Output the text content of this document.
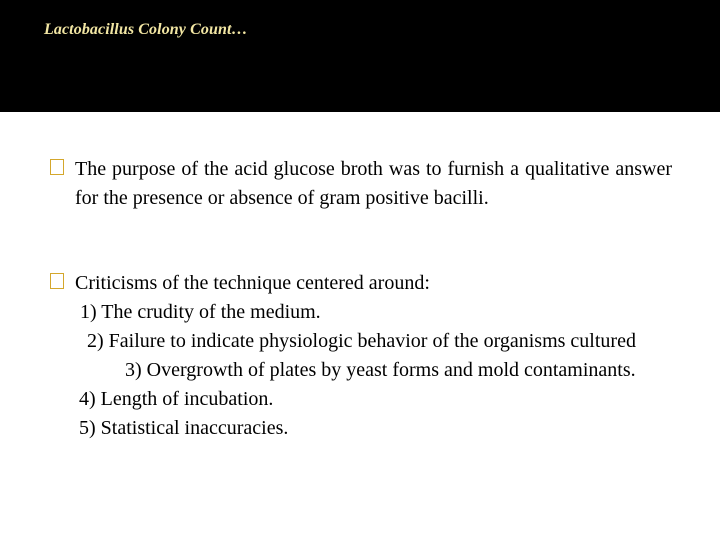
Lactobacillus Colony Count…

The purpose of the acid glucose broth was to furnish a qualitative answer for the presence or absence of gram positive bacilli.

Criticisms of the technique centered around:

1) The crudity of the medium.
2) Failure to indicate physiologic behavior of the organisms cultured
3) Overgrowth of plates by yeast forms and mold contaminants.
4) Length of incubation.
5) Statistical inaccuracies.
